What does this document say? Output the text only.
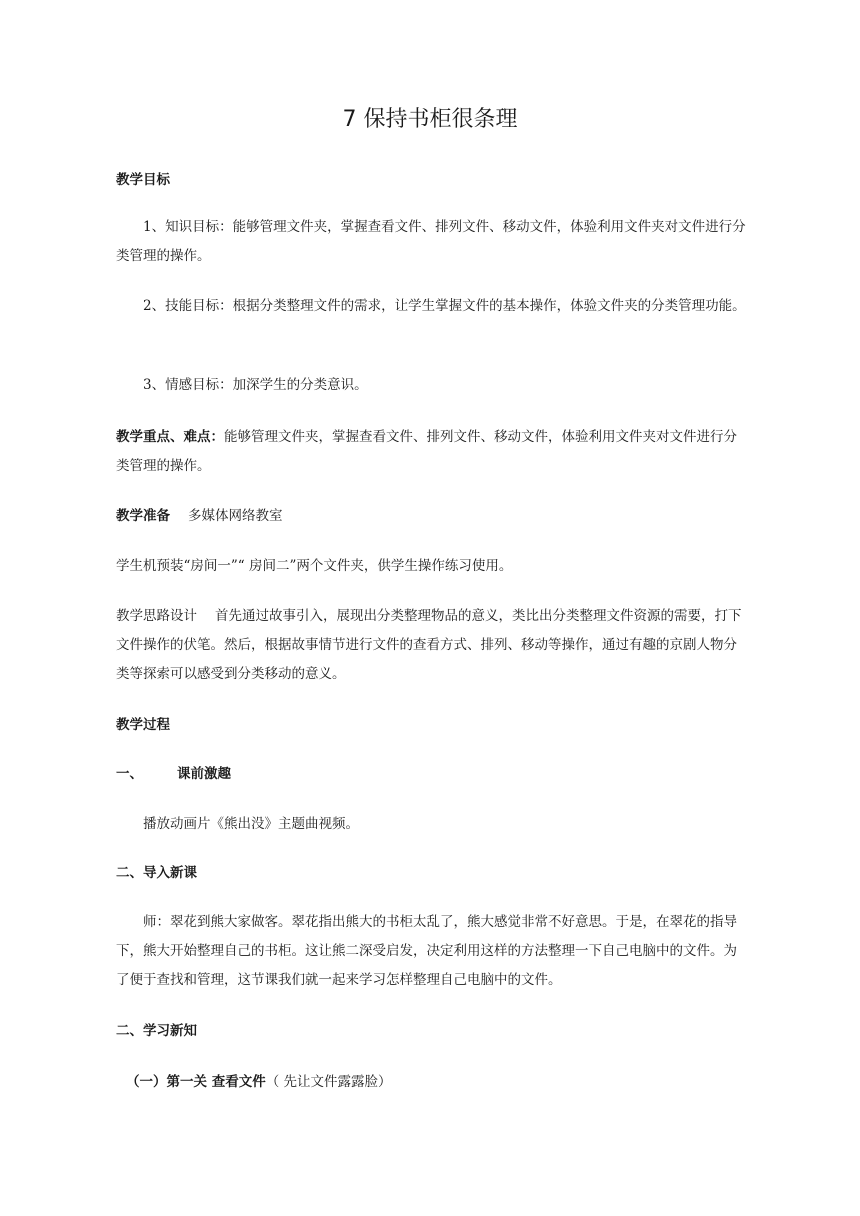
7 保持书柜很条理

教学目标

1、知识目标：能够管理文件夹，掌握查看文件、排列文件、移动文件，体验利用文件夹对文件进行分类管理的操作。

2、技能目标：根据分类整理文件的需求，让学生掌握文件的基本操作，体验文件夹的分类管理功能。

3、情感目标：加深学生的分类意识。

教学重点、难点：能够管理文件夹，掌握查看文件、排列文件、移动文件，体验利用文件夹对文件进行分类管理的操作。

教学准备 多媒体网络教室

学生机预装“房间一”“ 房间二”两个文件夹，供学生操作练习使用。

教学思路设计 首先通过故事引入，展现出分类整理物品的意义，类比出分类整理文件资源的需要，打下文件操作的伏笔。然后，根据故事情节进行文件的查看方式、排列、移动等操作，通过有趣的京剧人物分类等探索可以感受到分类移动的意义。

教学过程

一、	课前激趣

播放动画片《熊出没》主题曲视频。

二、导入新课

师：翠花到熊大家做客。翠花指出熊大的书柜太乱了，熊大感觉非常不好意思。于是，在翠花的指导下，熊大开始整理自己的书柜。这让熊二深受启发，决定利用这样的方法整理一下自己电脑中的文件。为了便于查找和管理，这节课我们就一起来学习怎样整理自己电脑中的文件。

二、学习新知

（一）第一关 查看文件（ 先让文件露露脸）
